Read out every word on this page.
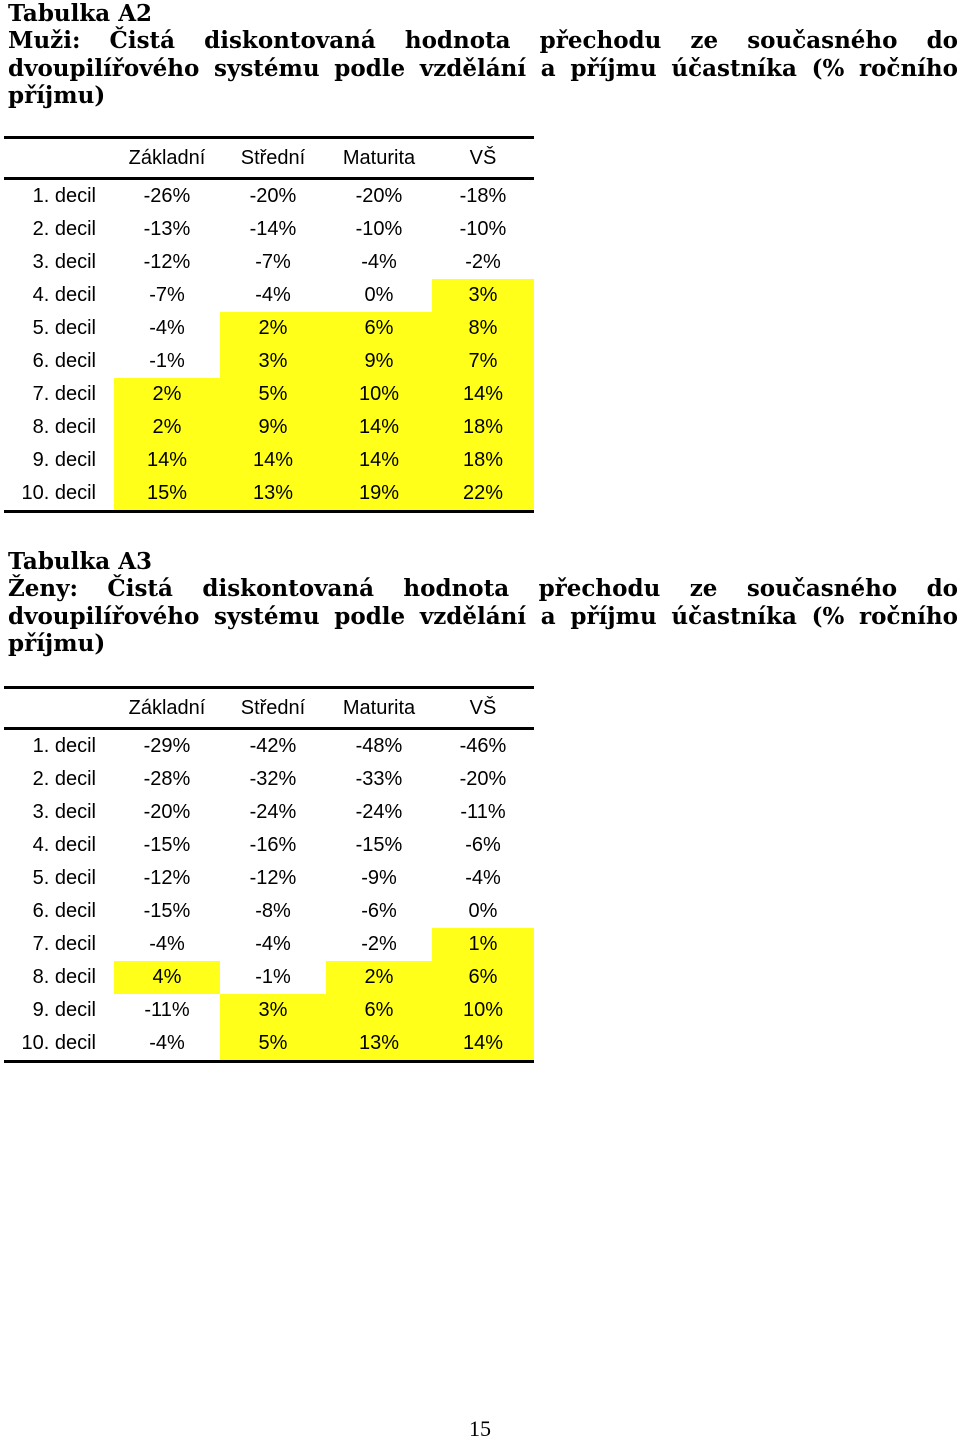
Tabulka A2

Muži: Čistá diskontovaná hodnota přechodu ze současného do dvoupilířového systému podle vzdělání a příjmu účastníka (% ročního příjmu)

	Základní	Střední	Maturita	VŠ
1. decil	-26%	-20%	-20%	-18%
2. decil	-13%	-14%	-10%	-10%
3. decil	-12%	-7%	-4%	-2%
4. decil	-7%	-4%	0%	3%
5. decil	-4%	2%	6%	8%
6. decil	-1%	3%	9%	7%
7. decil	2%	5%	10%	14%
8. decil	2%	9%	14%	18%
9. decil	14%	14%	14%	18%
10. decil	15%	13%	19%	22%
Tabulka A3

Ženy: Čistá diskontovaná hodnota přechodu ze současného do dvoupilířového systému podle vzdělání a příjmu účastníka (% ročního příjmu)

	Základní	Střední	Maturita	VŠ
1. decil	-29%	-42%	-48%	-46%
2. decil	-28%	-32%	-33%	-20%
3. decil	-20%	-24%	-24%	-11%
4. decil	-15%	-16%	-15%	-6%
5. decil	-12%	-12%	-9%	-4%
6. decil	-15%	-8%	-6%	0%
7. decil	-4%	-4%	-2%	1%
8. decil	4%	-1%	2%	6%
9. decil	-11%	3%	6%	10%
10. decil	-4%	5%	13%	14%
15
